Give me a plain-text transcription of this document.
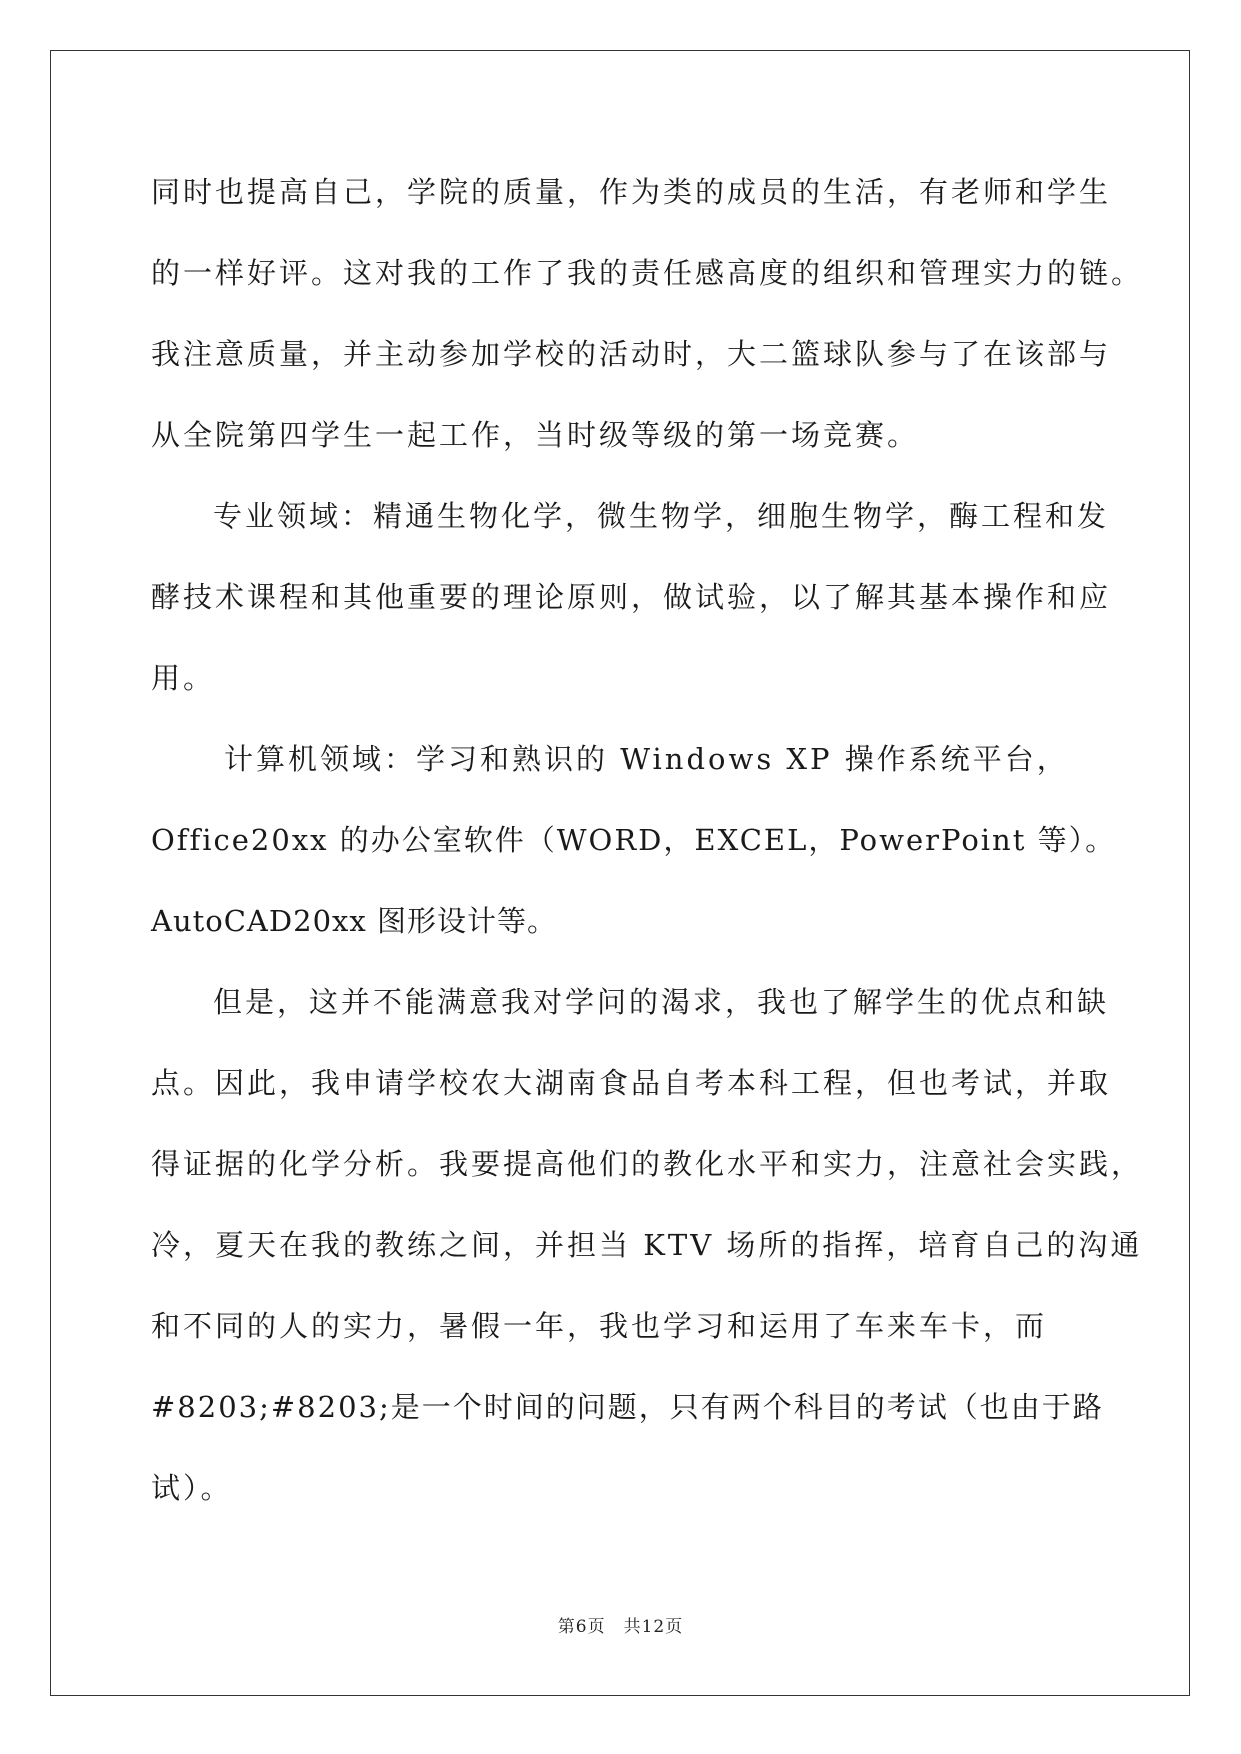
同时也提高自己，学院的质量，作为类的成员的生活，有老师和学生
的一样好评。这对我的工作了我的责任感高度的组织和管理实力的链。
我注意质量，并主动参加学校的活动时，大二篮球队参与了在该部与
从全院第四学生一起工作，当时级等级的第一场竞赛。
专业领域：精通生物化学，微生物学，细胞生物学，酶工程和发
酵技术课程和其他重要的理论原则，做试验，以了解其基本操作和应
用。
计算机领域：学习和熟识的 Windows XP 操作系统平台，
Office20xx 的办公室软件（WORD，EXCEL，PowerPoint 等）。
AutoCAD20xx 图形设计等。
但是，这并不能满意我对学问的渴求，我也了解学生的优点和缺
点。因此，我申请学校农大湖南食品自考本科工程，但也考试，并取
得证据的化学分析。我要提高他们的教化水平和实力，注意社会实践，
冷，夏天在我的教练之间，并担当 KTV 场所的指挥，培育自己的沟通
和不同的人的实力，暑假一年，我也学习和运用了车来车卡，而
#8203;#8203;是一个时间的问题，只有两个科目的考试（也由于路
试）。
第6页 共12页
